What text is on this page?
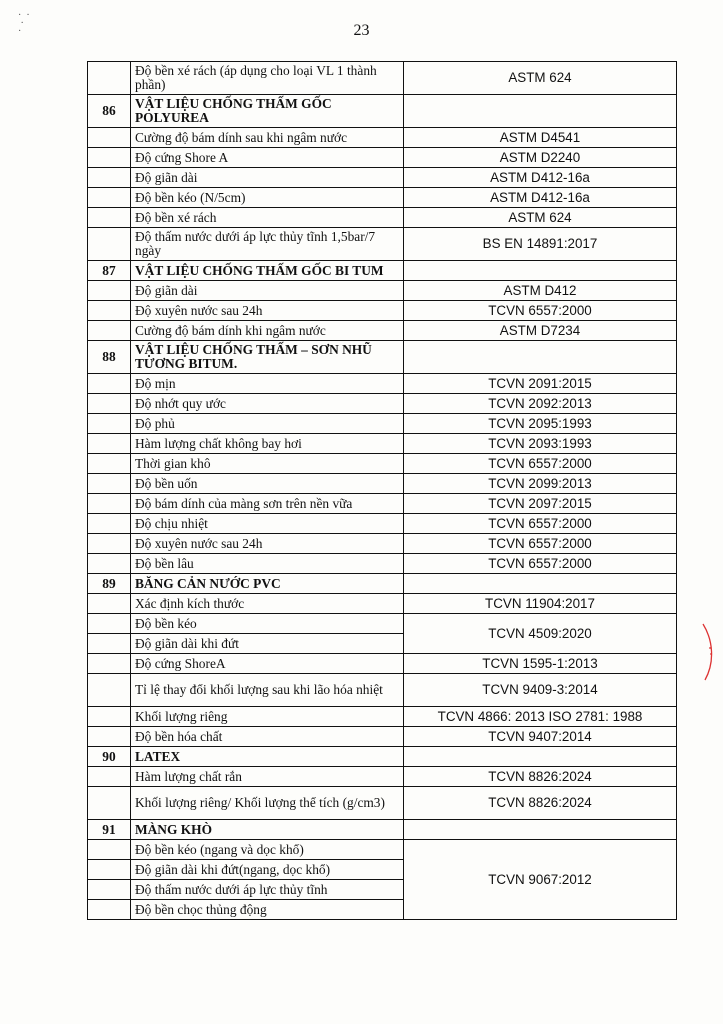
·  ·
·
·	23
	Độ bền xé rách (áp dụng cho loại VL 1 thành phần)	ASTM 624
86	VẬT LIỆU CHỐNG THẤM GỐC POLYUREA	
	Cường độ bám dính sau khi ngâm nước	ASTM D4541
	Độ cứng Shore A	ASTM D2240
	Độ giãn dài	ASTM D412-16a
	Độ bền kéo (N/5cm)	ASTM D412-16a
	Độ bền xé rách	ASTM 624
	Độ thấm nước dưới áp lực thủy tĩnh 1,5bar/7 ngày	BS EN 14891:2017
87	VẬT LIỆU CHỐNG THẤM GỐC BI TUM	
	Độ giãn dài	ASTM D412
	Độ xuyên nước sau 24h	TCVN 6557:2000
	Cường độ bám dính khi ngâm nước	ASTM D7234
88	VẬT LIỆU CHỐNG THẤM – SƠN NHŨ TƯƠNG BITUM.	
	Độ mịn	TCVN 2091:2015
	Độ nhớt quy ước	TCVN 2092:2013
	Độ phủ	TCVN 2095:1993
	Hàm lượng chất không bay hơi	TCVN 2093:1993
	Thời gian khô	TCVN 6557:2000
	Độ bền uốn	TCVN 2099:2013
	Độ bám dính của màng sơn trên nền vữa	TCVN 2097:2015
	Độ chịu nhiệt	TCVN 6557:2000
	Độ xuyên nước sau 24h	TCVN 6557:2000
	Độ bền lâu	TCVN 6557:2000
89	BĂNG CẢN NƯỚC PVC	
	Xác định kích thước	TCVN 11904:2017
	Độ bền kéo	TCVN 4509:2020
	Độ giãn dài khi đứt	
	Độ cứng ShoreA	TCVN 1595-1:2013
	Tỉ lệ thay đổi khối lượng sau khi lão hóa nhiệt	TCVN 9409-3:2014
	Khối lượng riêng	TCVN 4866: 2013 ISO 2781: 1988
	Độ bền hóa chất	TCVN 9407:2014
90	LATEX	
	Hàm lượng chất rắn	TCVN 8826:2024
	Khối lượng riêng/ Khối lượng thể tích (g/cm3)	TCVN 8826:2024
91	MÀNG KHÒ	
	Độ bền kéo (ngang và dọc khổ)	TCVN 9067:2012
	Độ giãn dài khi đứt(ngang, dọc khổ)	
	Độ thấm nước dưới áp lực thủy tĩnh	
	Độ bền chọc thủng động	
